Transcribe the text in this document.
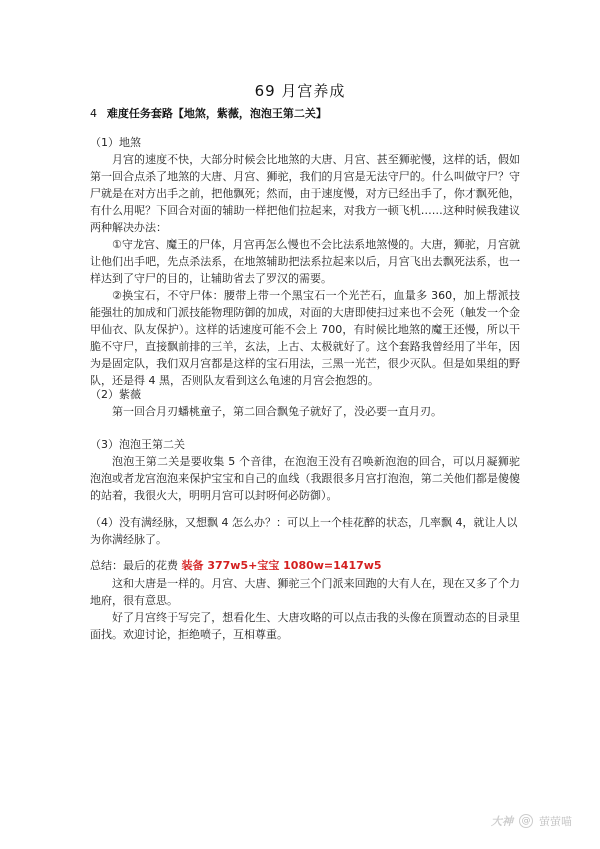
69 月宫养成
4 难度任务套路【地煞，紫薇，泡泡王第二关】

（1）地煞

月宫的速度不快，大部分时候会比地煞的大唐、月宫、甚至狮驼慢，这样的话，假如第一回合点杀了地煞的大唐、月宫、狮驼，我们的月宫是无法守尸的。什么叫做守尸？守尸就是在对方出手之前，把他飘死；然而，由于速度慢，对方已经出手了，你才飘死他，有什么用呢？下回合对面的辅助一样把他们拉起来，对我方一顿飞机……这种时候我建议两种解决办法：

①守龙宫、魔王的尸体，月宫再怎么慢也不会比法系地煞慢的。大唐，狮驼，月宫就让他们出手吧，先点杀法系，在地煞辅助把法系拉起来以后，月宫飞出去飘死法系，也一样达到了守尸的目的，让辅助省去了罗汉的需要。

②换宝石，不守尸体：腰带上带一个黑宝石一个光芒石，血量多 360，加上帮派技能强壮的加成和门派技能物理防御的加成，对面的大唐即使扫过来也不会死（触发一个金甲仙衣、队友保护）。这样的话速度可能不会上 700，有时候比地煞的魔王还慢，所以干脆不守尸，直接飘前排的三羊，玄法，上古、太极就好了。这个套路我曾经用了半年，因为是固定队，我们双月宫都是这样的宝石用法，三黑一光芒，很少灭队。但是如果组的野队，还是得 4 黑，否则队友看到这么龟速的月宫会抱怨的。

（2）紫薇

第一回合月刃蟠桃童子，第二回合飘兔子就好了，没必要一直月刃。

（3）泡泡王第二关

泡泡王第二关是要收集 5 个音律，在泡泡王没有召唤新泡泡的回合，可以月凝狮驼泡泡或者龙宫泡泡来保护宝宝和自己的血线（我跟很多月宫打泡泡，第二关他们都是傻傻的站着，我很火大，明明月宫可以封呀何必防御）。

（4）没有满经脉，又想飘 4 怎么办？：可以上一个桂花醉的状态，几率飘 4，就让人以为你满经脉了。

总结：最后的花费 装备 377w5+宝宝 1080w=1417w5

这和大唐是一样的。月宫、大唐、狮驼三个门派来回跑的大有人在，现在又多了个力地府，很有意思。

好了月宫终于写完了，想看化生、大唐攻略的可以点击我的头像在顶置动态的目录里面找。欢迎讨论，拒绝喷子，互相尊重。

大神 @ 萤萤喵
